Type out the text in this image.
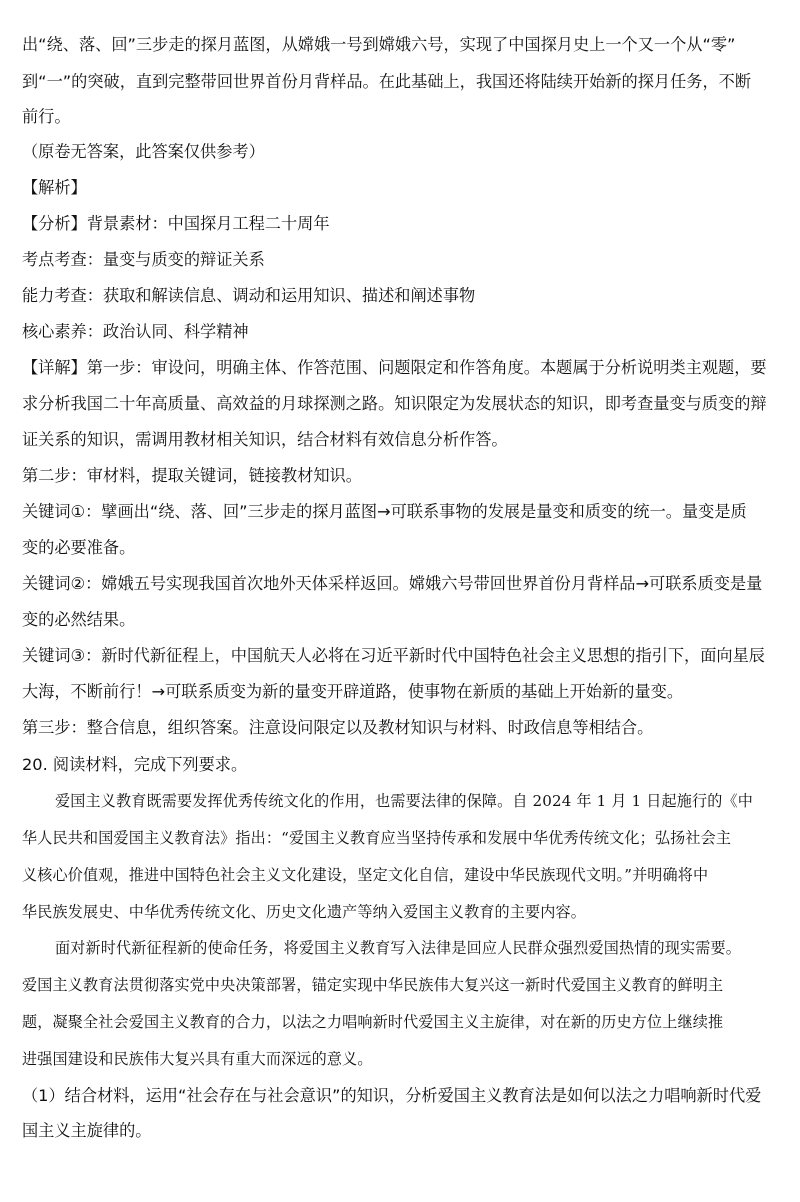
出“绕、落、回”三步走的探月蓝图，从嫦娥一号到嫦娥六号，实现了中国探月史上一个又一个从“零”
到“一”的突破，直到完整带回世界首份月背样品。在此基础上，我国还将陆续开始新的探月任务，不断
前行。
（原卷无答案，此答案仅供参考）
【解析】
【分析】背景素材：中国探月工程二十周年
考点考查：量变与质变的辩证关系
能力考查：获取和解读信息、调动和运用知识、描述和阐述事物
核心素养：政治认同、科学精神
【详解】第一步：审设问，明确主体、作答范围、问题限定和作答角度。本题属于分析说明类主观题，要
求分析我国二十年高质量、高效益的月球探测之路。知识限定为发展状态的知识，即考查量变与质变的辩
证关系的知识，需调用教材相关知识，结合材料有效信息分析作答。
第二步：审材料，提取关键词，链接教材知识。
关键词①：擘画出“绕、落、回”三步走的探月蓝图→可联系事物的发展是量变和质变的统一。量变是质
变的必要准备。
关键词②：嫦娥五号实现我国首次地外天体采样返回。嫦娥六号带回世界首份月背样品→可联系质变是量
变的必然结果。
关键词③：新时代新征程上，中国航天人必将在习近平新时代中国特色社会主义思想的指引下，面向星辰
大海，不断前行！→可联系质变为新的量变开辟道路，使事物在新质的基础上开始新的量变。
第三步：整合信息，组织答案。注意设问限定以及教材知识与材料、时政信息等相结合。
20. 阅读材料，完成下列要求。
爱国主义教育既需要发挥优秀传统文化的作用，也需要法律的保障。自 2024 年 1 月 1 日起施行的《中
华人民共和国爱国主义教育法》指出：“爱国主义教育应当坚持传承和发展中华优秀传统文化；弘扬社会主
义核心价值观，推进中国特色社会主义文化建设，坚定文化自信，建设中华民族现代文明。”并明确将中
华民族发展史、中华优秀传统文化、历史文化遗产等纳入爱国主义教育的主要内容。
面对新时代新征程新的使命任务，将爱国主义教育写入法律是回应人民群众强烈爱国热情的现实需要。
爱国主义教育法贯彻落实党中央决策部署，锚定实现中华民族伟大复兴这一新时代爱国主义教育的鲜明主
题，凝聚全社会爱国主义教育的合力，以法之力唱响新时代爱国主义主旋律，对在新的历史方位上继续推
进强国建设和民族伟大复兴具有重大而深远的意义。
（1）结合材料，运用“社会存在与社会意识”的知识，分析爱国主义教育法是如何以法之力唱响新时代爱
国主义主旋律的。
